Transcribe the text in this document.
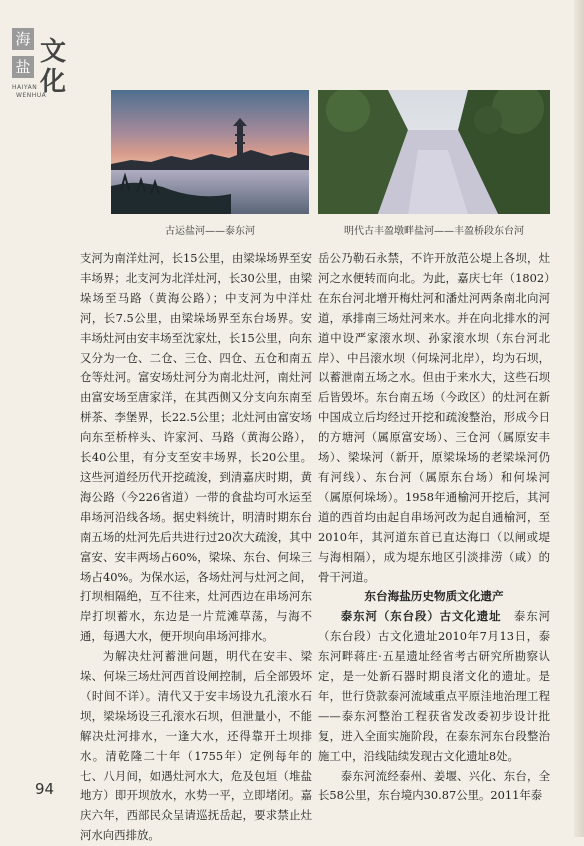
海
盐 文
化
HAIYAN
WENHUA
古运盐河——泰东河	明代古丰盈墩畔盐河——丰盈桥段东台河

支河为南洋灶河，长15公里，由梁垛场界至安丰场界；北支河为北洋灶河，长30公里，由梁垛场至马路（黄海公路）；中支河为中洋灶河，长7.5公里，由梁垛场界至东台场界。安丰场灶河由安丰场至沈家灶，长15公里，向东又分为一仓、二仓、三仓、四仓、五仓和南五仓等灶河。富安场灶河分为南北灶河，南灶河由富安场至唐家洋，在其西侧又分支向东南至栟茶、李堡界，长22.5公里；北灶河由富安场向东至桥梓头、许家河、马路（黄海公路），长40公里，有分支至安丰场界，长20公里。这些河道经历代开挖疏浚，到清嘉庆时期，黄海公路（今226省道）一带的食盐均可水运至串场河沿线各场。据史料统计，明清时期东台南五场的灶河先后共进行过20次大疏浚，其中富安、安丰两场占60%，梁垛、东台、何垛三场占40%。为保水运，各场灶河与灶河之间，打坝相隔绝，互不往来，灶河西边在串场河东岸打坝蓄水，东边是一片荒滩草荡，与海不通，每遇大水，便开坝向串场河排水。

为解决灶河蓄泄问题，明代在安丰、梁垛、何垛三场灶河西首设闸控制，后全部毁坏（时间不详）。清代又于安丰场设九孔滚水石坝，梁垛场设三孔滚水石坝，但泄量小，不能解决灶河排水，一逢大水，还得靠开土坝排水。清乾隆二十年（1755年）定例每年的七、八月间，如遇灶河水大，危及包垣（堆盐地方）即开坝放水，水势一平，立即堵闭。嘉庆六年，西部民众呈请巡抚岳起，要求禁止灶河水向西排放。

岳公乃勒石永禁，不许开放范公堤上各坝，灶河之水便转而向北。为此，嘉庆七年（1802）在东台河北增开梅灶河和潘灶河两条南北向河道，承排南三场灶河来水。并在向北排水的河道中设严家滚水坝、孙家滚水坝（东台河北岸）、中吕滚水坝（何垛河北岸），均为石坝，以蓄泄南五场之水。但由于来水大，这些石坝后皆毁坏。东台南五场（今政区）的灶河在新中国成立后均经过开挖和疏浚整治，形成今日的方塘河（属原富安场）、三仓河（属原安丰场）、梁垛河（新开，原梁垛场的老梁垛河仍有河线）、东台河（属原东台场）和何垛河（属原何垛场）。1958年通榆河开挖后，其河道的西首均由起自串场河改为起自通榆河，至2010年，其河道东首已直达海口（以闸或堤与海相隔），成为堤东地区引淡排涝（咸）的骨干河道。

东台海盐历史物质文化遗产

泰东河（东台段）古文化遗址　 泰东河（东台段）古文化遗址2010年7月13日，泰东河畔蒋庄·五星遗址经省考古研究所勘察认定，是一处新石器时期良渚文化的遗址。是年，世行贷款泰河流域重点平原洼地治理工程——泰东河整治工程获省发改委初步设计批复，进入全面实施阶段，在泰东河东台段整治施工中，沿线陆续发现古文化遗址8处。

泰东河流经泰州、姜堰、兴化、东台，全长58公里，东台境内30.87公里。2011年泰

94
